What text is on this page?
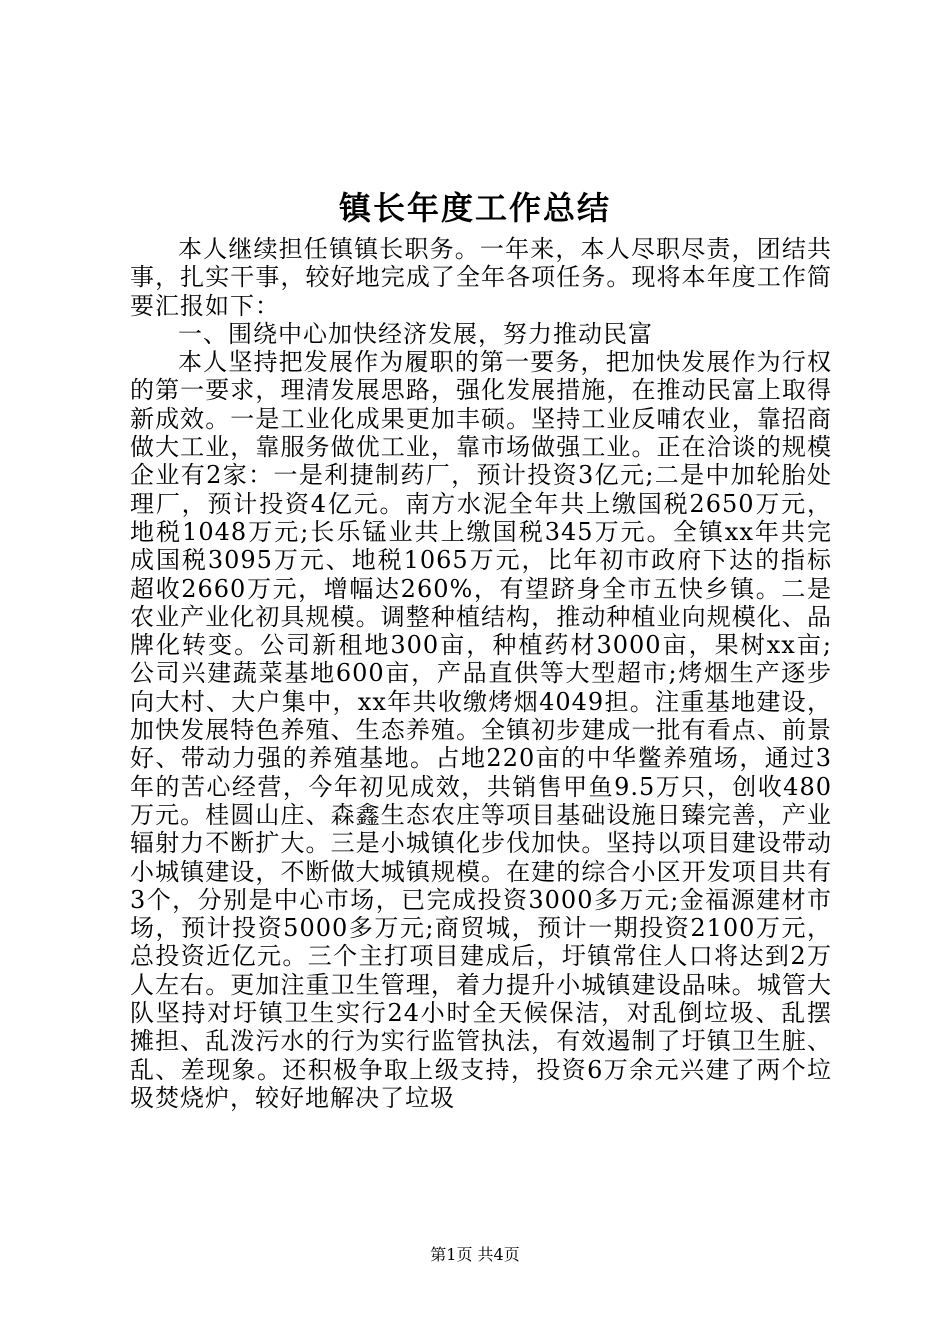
镇长年度工作总结

本人继续担任镇镇长职务。一年来，本人尽职尽责，团结共事，扎实干事，较好地完成了全年各项任务。现将本年度工作简要汇报如下：

一、围绕中心加快经济发展，努力推动民富

本人坚持把发展作为履职的第一要务，把加快发展作为行权的第一要求，理清发展思路，强化发展措施，在推动民富上取得新成效。一是工业化成果更加丰硕。坚持工业反哺农业，靠招商做大工业，靠服务做优工业，靠市场做强工业。正在洽谈的规模企业有2家：一是利捷制药厂，预计投资3亿元;二是中加轮胎处理厂，预计投资4亿元。南方水泥全年共上缴国税2650万元，地税1048万元;长乐锰业共上缴国税345万元。全镇xx年共完成国税3095万元、地税1065万元，比年初市政府下达的指标超收2660万元，增幅达260%，有望跻身全市五快乡镇。二是农业产业化初具规模。调整种植结构，推动种植业向规模化、品牌化转变。公司新租地300亩，种植药材3000亩，果树xx亩;公司兴建蔬菜基地600亩，产品直供等大型超市;烤烟生产逐步向大村、大户集中，xx年共收缴烤烟4049担。注重基地建设，加快发展特色养殖、生态养殖。全镇初步建成一批有看点、前景好、带动力强的养殖基地。占地220亩的中华鳖养殖场，通过3年的苦心经营，今年初见成效，共销售甲鱼9.5万只，创收480万元。桂圆山庄、森鑫生态农庄等项目基础设施日臻完善，产业辐射力不断扩大。三是小城镇化步伐加快。坚持以项目建设带动小城镇建设，不断做大城镇规模。在建的综合小区开发项目共有3个，分别是中心市场，已完成投资3000多万元;金福源建材市场，预计投资5000多万元;商贸城，预计一期投资2100万元，总投资近亿元。三个主打项目建成后，圩镇常住人口将达到2万人左右。更加注重卫生管理，着力提升小城镇建设品味。城管大队坚持对圩镇卫生实行24小时全天候保洁，对乱倒垃圾、乱摆摊担、乱泼污水的行为实行监管执法，有效遏制了圩镇卫生脏、乱、差现象。还积极争取上级支持，投资6万余元兴建了两个垃圾焚烧炉，较好地解决了垃圾

第1页 共4页
